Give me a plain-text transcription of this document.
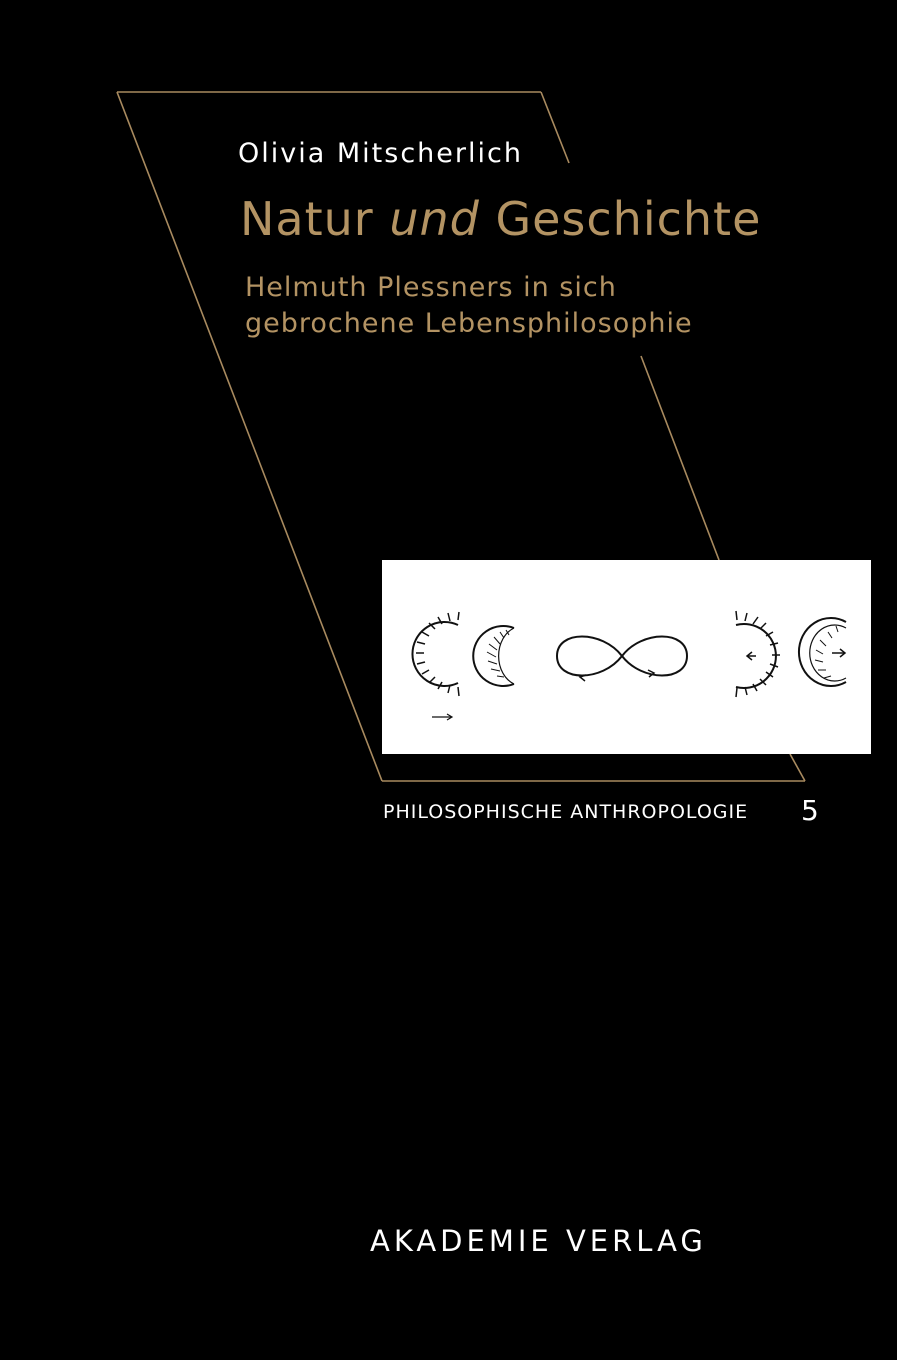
Olivia Mitscherlich
Natur und Geschichte
Helmuth Plessners in sich
gebrochene Lebensphilosophie
PHILOSOPHISCHE ANTHROPOLOGIE 5
AKADEMIE VERLAG
